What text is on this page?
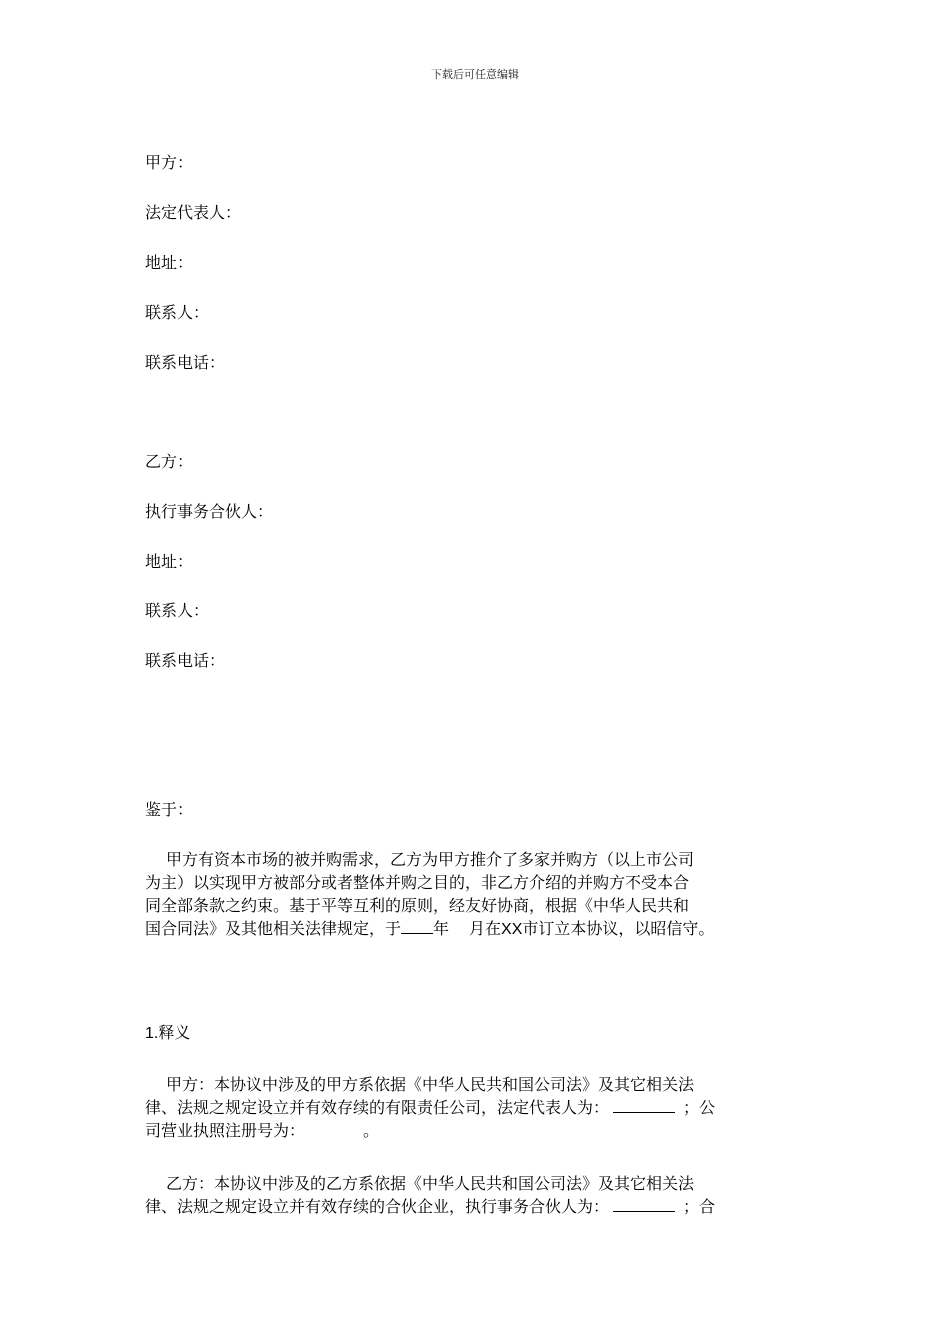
下载后可任意编辑
甲方：
法定代表人：
地址：
联系人：
联系电话：
乙方：
执行事务合伙人：
地址：
联系人：
联系电话：
鉴于：
甲方有资本市场的被并购需求，乙方为甲方推介了多家并购方（以上市公司
为主）以实现甲方被部分或者整体并购之目的，非乙方介绍的并购方不受本合
同全部条款之约束。基于平等互利的原则，经友好协商，根据《中华人民共和
国合同法》及其他相关法律规定，于 年 月在XX市订立本协议，以昭信守。
1.释义
甲方：本协议中涉及的甲方系依据《中华人民共和国公司法》及其它相关法
律、法规之规定设立并有效存续的有限责任公司，法定代表人为：	；公
司营业执照注册号为：	。
乙方：本协议中涉及的乙方系依据《中华人民共和国公司法》及其它相关法
律、法规之规定设立并有效存续的合伙企业，执行事务合伙人为：	；合
